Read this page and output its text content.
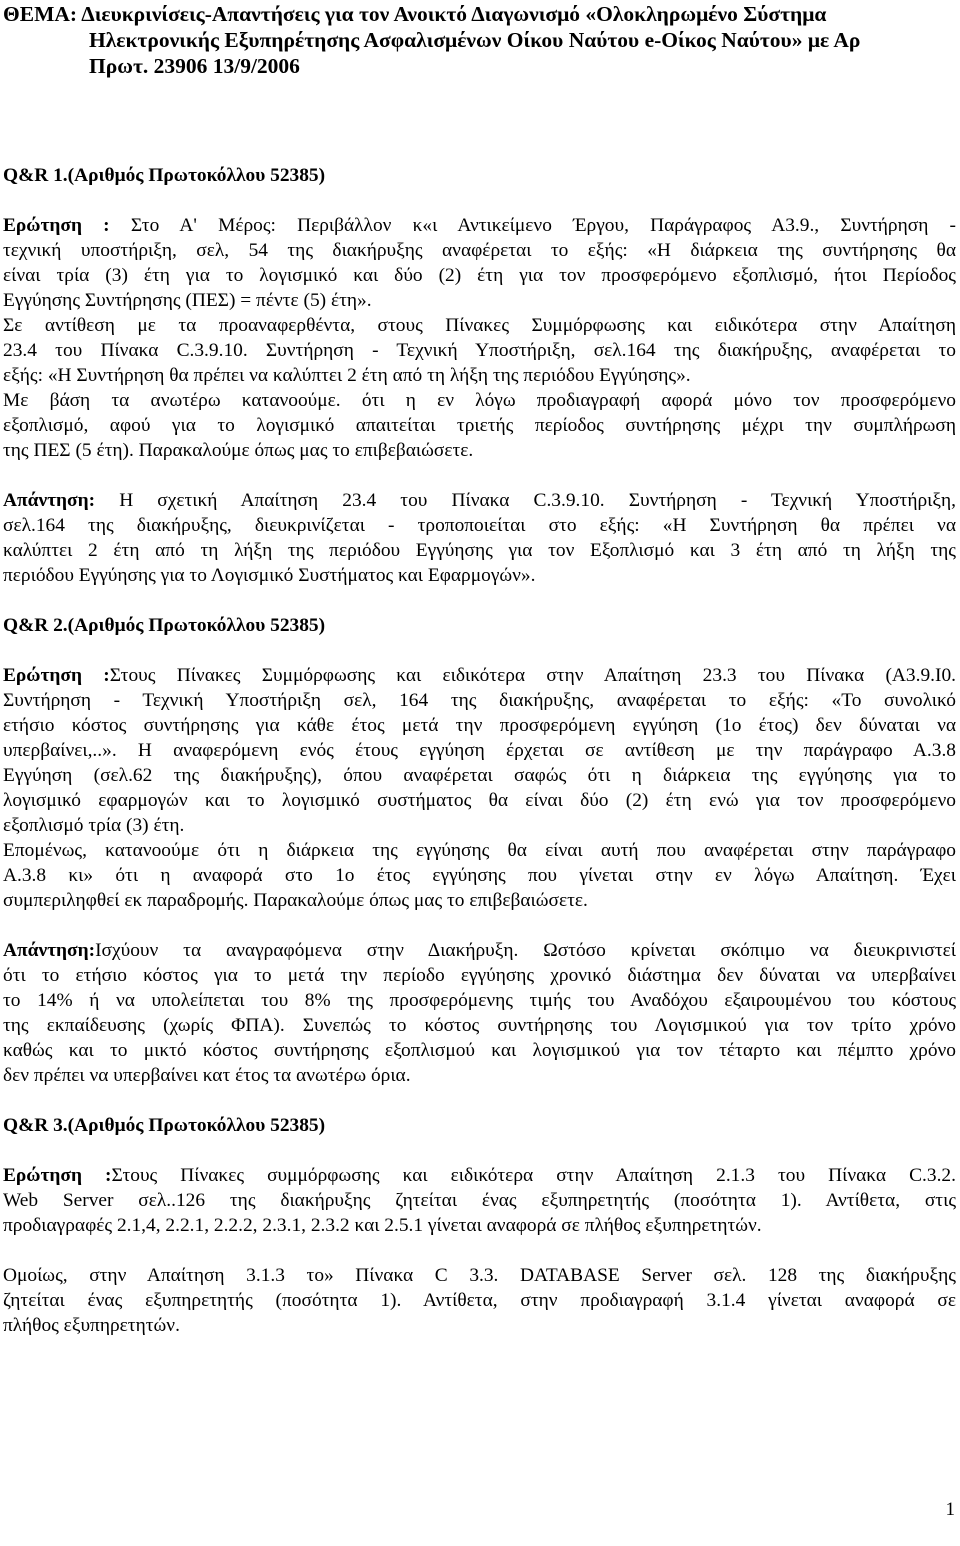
ΘΕΜΑ: Διευκρινίσεις-Απαντήσεις για τον Ανοικτό Διαγωνισμό «Ολοκληρωμένο Σύστημα
Ηλεκτρονικής Εξυπηρέτησης Ασφαλισμένων Οίκου Ναύτου e-Οίκος Ναύτου» με Αρ
Πρωτ. 23906 13/9/2006
Q&R 1.(Αριθμός Πρωτοκόλλου 52385)
Ερώτηση : Στο Α' Μέρος: Περιβάλλον κ«ι Αντικείμενο Έργου, Παράγραφος Α3.9., Συντήρηση -
τεχνική υποστήριξη, σελ, 54 της διακήρυξης αναφέρεται το εξής: «Η διάρκεια της συντήρησης θα
είναι τρία (3) έτη για το λογισμικό και δύο (2) έτη για τον προσφερόμενο εξοπλισμό, ήτοι Περίοδος
Εγγύησης Συντήρησης (ΠΕΣ) = πέντε (5) έτη».
Σε αντίθεση με τα προαναφερθέντα, στους Πίνακες Συμμόρφωσης και ειδικότερα στην Απαίτηση
23.4 του Πίνακα C.3.9.10. Συντήρηση - Τεχνική Υποστήριξη, σελ.164 της διακήρυξης, αναφέρεται το
εξής: «Η Συντήρηση θα πρέπει να καλύπτει 2 έτη από τη λήξη της περιόδου Εγγύησης».
Με βάση τα ανωτέρω κατανοούμε. ότι η εν λόγω προδιαγραφή αφορά μόνο τον προσφερόμενο
εξοπλισμό, αφού για το λογισμικό απαιτείται τριετής περίοδος συντήρησης μέχρι την συμπλήρωση
της ΠΕΣ (5 έτη). Παρακαλούμε όπως μας το επιβεβαιώσετε.
Απάντηση: Η σχετική Απαίτηση 23.4 του Πίνακα C.3.9.10. Συντήρηση - Τεχνική Υποστήριξη,
σελ.164 της διακήρυξης, διευκρινίζεται - τροποποιείται στο εξής: «Η Συντήρηση θα πρέπει να
καλύπτει 2 έτη από τη λήξη της περιόδου Εγγύησης για τον Εξοπλισμό και 3 έτη από τη λήξη της
περιόδου Εγγύησης για το Λογισμικό Συστήματος και Εφαρμογών».
Q&R 2.(Αριθμός Πρωτοκόλλου 52385)
Ερώτηση :Στους Πίνακες Συμμόρφωσης και ειδικότερα στην Απαίτηση 23.3 του Πίνακα (Α3.9.Ι0.
Συντήρηση - Τεχνική Υποστήριξη σελ, 164 της διακήρυξης, αναφέρεται το εξής: «Το συνολικό
ετήσιο κόστος συντήρησης για κάθε έτος μετά την προσφερόμενη εγγύηση (1ο έτος) δεν δύναται να
υπερβαίνει,..». Η αναφερόμενη ενός έτους εγγύηση έρχεται σε αντίθεση με την παράγραφο Α.3.8
Εγγύηση (σελ.62 της διακήρυξης), όπου αναφέρεται σαφώς ότι η διάρκεια της εγγύησης για το
λογισμικό εφαρμογών και το λογισμικό συστήματος θα είναι δύο (2) έτη ενώ για τον προσφερόμενο
εξοπλισμό τρία (3) έτη.
Επομένως, κατανοούμε ότι η διάρκεια της εγγύησης θα είναι αυτή που αναφέρεται στην παράγραφο
Α.3.8 κι» ότι η αναφορά στο 1ο έτος εγγύησης που γίνεται στην εν λόγω Απαίτηση. Έχει
συμπεριληφθεί εκ παραδρομής. Παρακαλούμε όπως μας το επιβεβαιώσετε.
Απάντηση:Ισχύουν τα αναγραφόμενα στην Διακήρυξη. Ωστόσο κρίνεται σκόπιμο να διευκρινιστεί
ότι το ετήσιο κόστος για το μετά την περίοδο εγγύησης χρονικό διάστημα δεν δύναται να υπερβαίνει
το 14% ή να υπολείπεται του 8% της προσφερόμενης τιμής του Αναδόχου εξαιρουμένου του κόστους
της εκπαίδευσης (χωρίς ΦΠΑ). Συνεπώς το κόστος συντήρησης του Λογισμικού για τον τρίτο χρόνο
καθώς και το μικτό κόστος συντήρησης εξοπλισμού και λογισμικού για τον τέταρτο και πέμπτο χρόνο
δεν πρέπει να υπερβαίνει κατ έτος τα ανωτέρω όρια.
Q&R 3.(Αριθμός Πρωτοκόλλου 52385)
Ερώτηση :Στους Πίνακες συμμόρφωσης και ειδικότερα στην Απαίτηση 2.1.3 του Πίνακα C.3.2.
Web Server σελ..126 της διακήρυξης ζητείται ένας εξυπηρετητής (ποσότητα 1). Αντίθετα, στις
προδιαγραφές 2.1,4, 2.2.1, 2.2.2, 2.3.1, 2.3.2 και 2.5.1 γίνεται αναφορά σε πλήθος εξυπηρετητών.
Ομοίως, στην Απαίτηση 3.1.3 το» Πίνακα C 3.3. DATABASE Server σελ. 128 της διακήρυξης
ζητείται ένας εξυπηρετητής (ποσότητα 1). Αντίθετα, στην προδιαγραφή 3.1.4 γίνεται αναφορά σε
πλήθος εξυπηρετητών.
1
